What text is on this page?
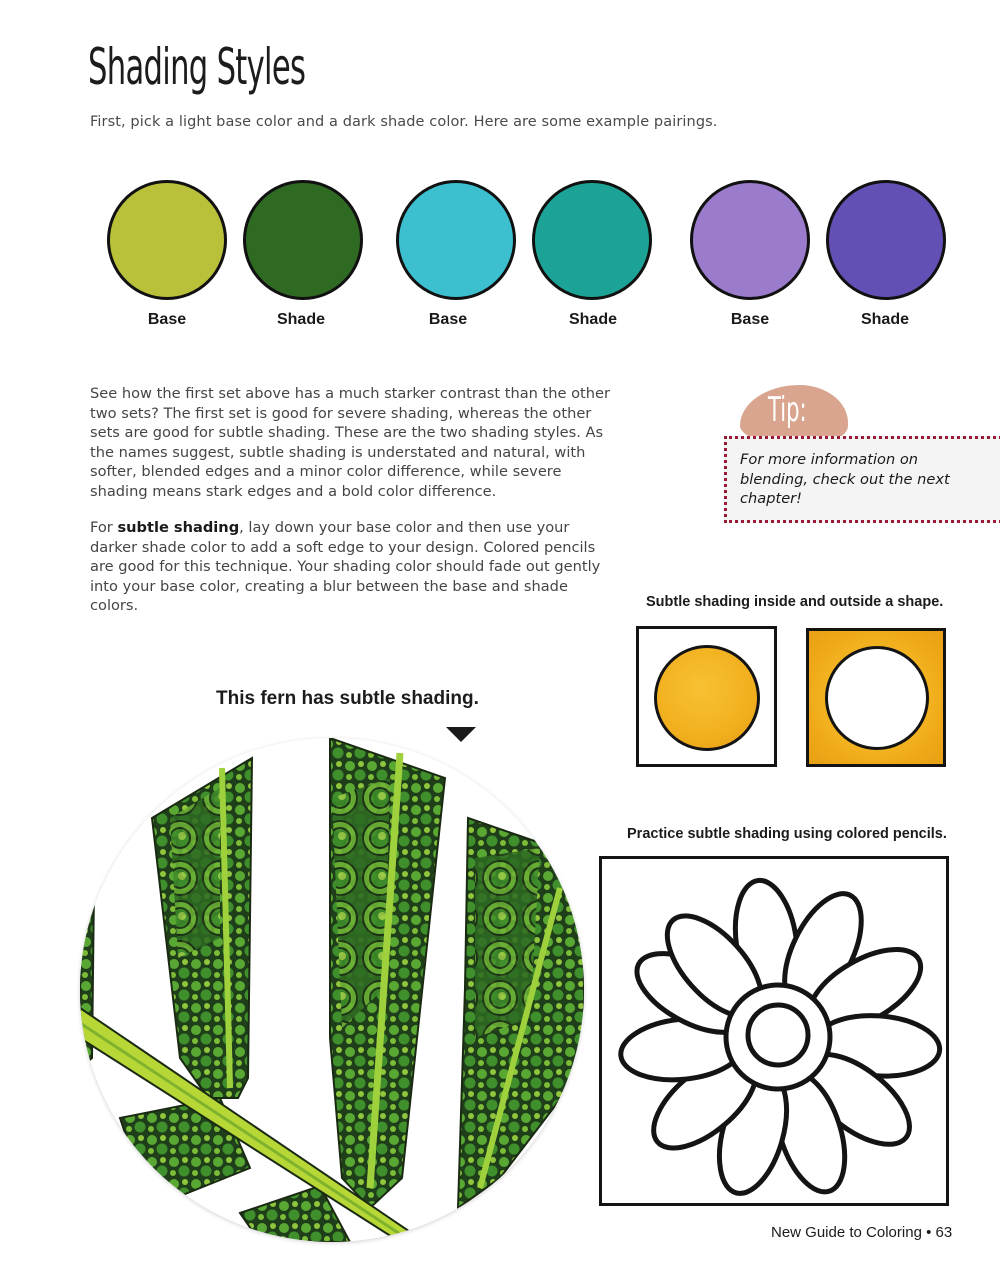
Shading Styles
First, pick a light base color and a dark shade color. Here are some example pairings.
Base	Shade	Base	Shade	Base	Shade
See how the first set above has a much starker contrast than the other two sets? The first set is good for severe shading, whereas the other sets are good for subtle shading. These are the two shading styles. As the names suggest, subtle shading is understated and natural, with softer, blended edges and a minor color difference, while severe shading means stark edges and a bold color difference.
For subtle shading, lay down your base color and then use your darker shade color to add a soft edge to your design. Colored pencils are good for this technique. Your shading color should fade out gently into your base color, creating a blur between the base and shade colors.
Tip:
For more information on blending, check out the next chapter!
Subtle shading inside and outside a shape.
This fern has subtle shading.
Practice subtle shading using colored pencils.
New Guide to Coloring • 63
